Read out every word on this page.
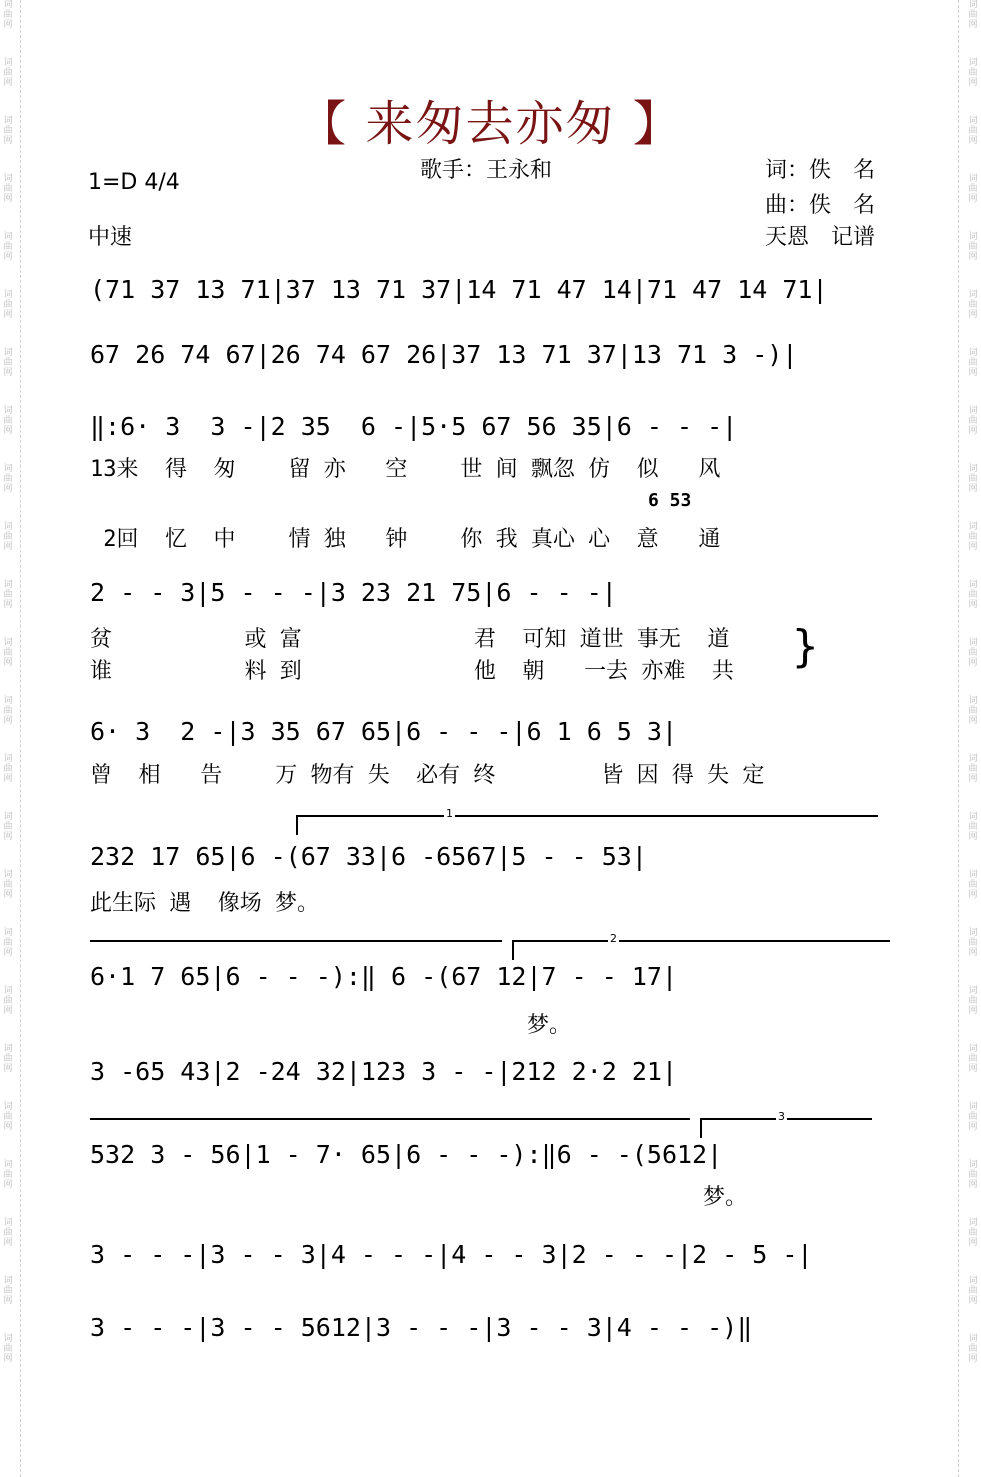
词曲网
词曲网
词曲网
词曲网
词曲网
词曲网
词曲网
词曲网
词曲网
词曲网
词曲网
词曲网
词曲网
词曲网
词曲网
词曲网
词曲网
词曲网
词曲网
词曲网
词曲网
词曲网
词曲网
词曲网
词曲网
词曲网
词曲网
词曲网
词曲网
词曲网
词曲网
词曲网
词曲网
词曲网
词曲网
词曲网
词曲网
词曲网
词曲网
词曲网
词曲网
词曲网
词曲网
词曲网
词曲网
词曲网
词曲网
词曲网
【 来匆去亦匆 】
1=D 4/4
中速
歌手：王永和	词：佚　名
曲：佚　名
天恩　记谱
(71 37 13 71|37 13 71 37|14 71 47 14|71 47 14 71|
67 26 74 67|26 74 67 26|37 13 71 37|13 71 3 -)|
‖:6· 3  3 -|2 35  6 -|5·5 67 56 35|6 - - -|
13来  得  匆    留 亦   空    世 间 飘忽 仿  似   风
6 53
2回  忆  中    情 独   钟    你 我 真心 心  意   通
2 - - 3|5 - - -|3 23 21 75|6 - - -|
贫          或 富             君  可知 道世 事无  道
谁          料 到             他  朝   一去 亦难  共 }
6· 3  2 -|3 35 67 65|6 - - -|6 1 6 5 3|
曾  相   告    万 物有 失  必有 终        皆 因 得 失 定
1
232 17 65|6 -(67 33|6 -6567|5 - - 53|
此生际 遇  像场 梦。
2
6·1 7 65|6 - - -):‖ 6 -(67 12|7 - - 17|
梦。
3 -65 43|2 -24 32|123 3 - -|212 2·2 21|
3
532 3 - 56|1 - 7· 65|6 - - -):‖6 - -(5612|
梦。
3 - - -|3 - - 3|4 - - -|4 - - 3|2 - - -|2 - 5 -|
3 - - -|3 - - 5612|3 - - -|3 - - 3|4 - - -)‖
